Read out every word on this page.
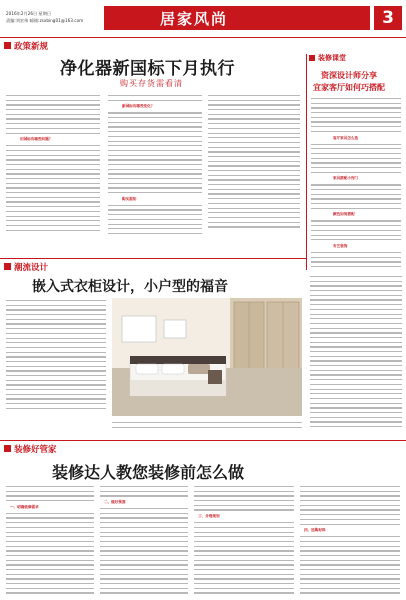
2016年2月26日 星期日
责编:刘宏伟 邮箱:zsxbing01@163.com	居家风尚	3
政策新规
净化器新国标下月执行
购买存货需看清
旧国标有哪些问题？
新国标有哪些变化？
购买需知
装修课堂
资深设计师分享
宜家客厅如何巧搭配
客厅家具怎么选
家具搭配小窍门
颜色如何搭配
布艺装饰
潮流设计
嵌入式衣柜设计，小户型的福音
装修好管家
装修达人教您装修前怎么做
一、明确装修需求
二、做好预算
三、合理规划
四、选购材料
